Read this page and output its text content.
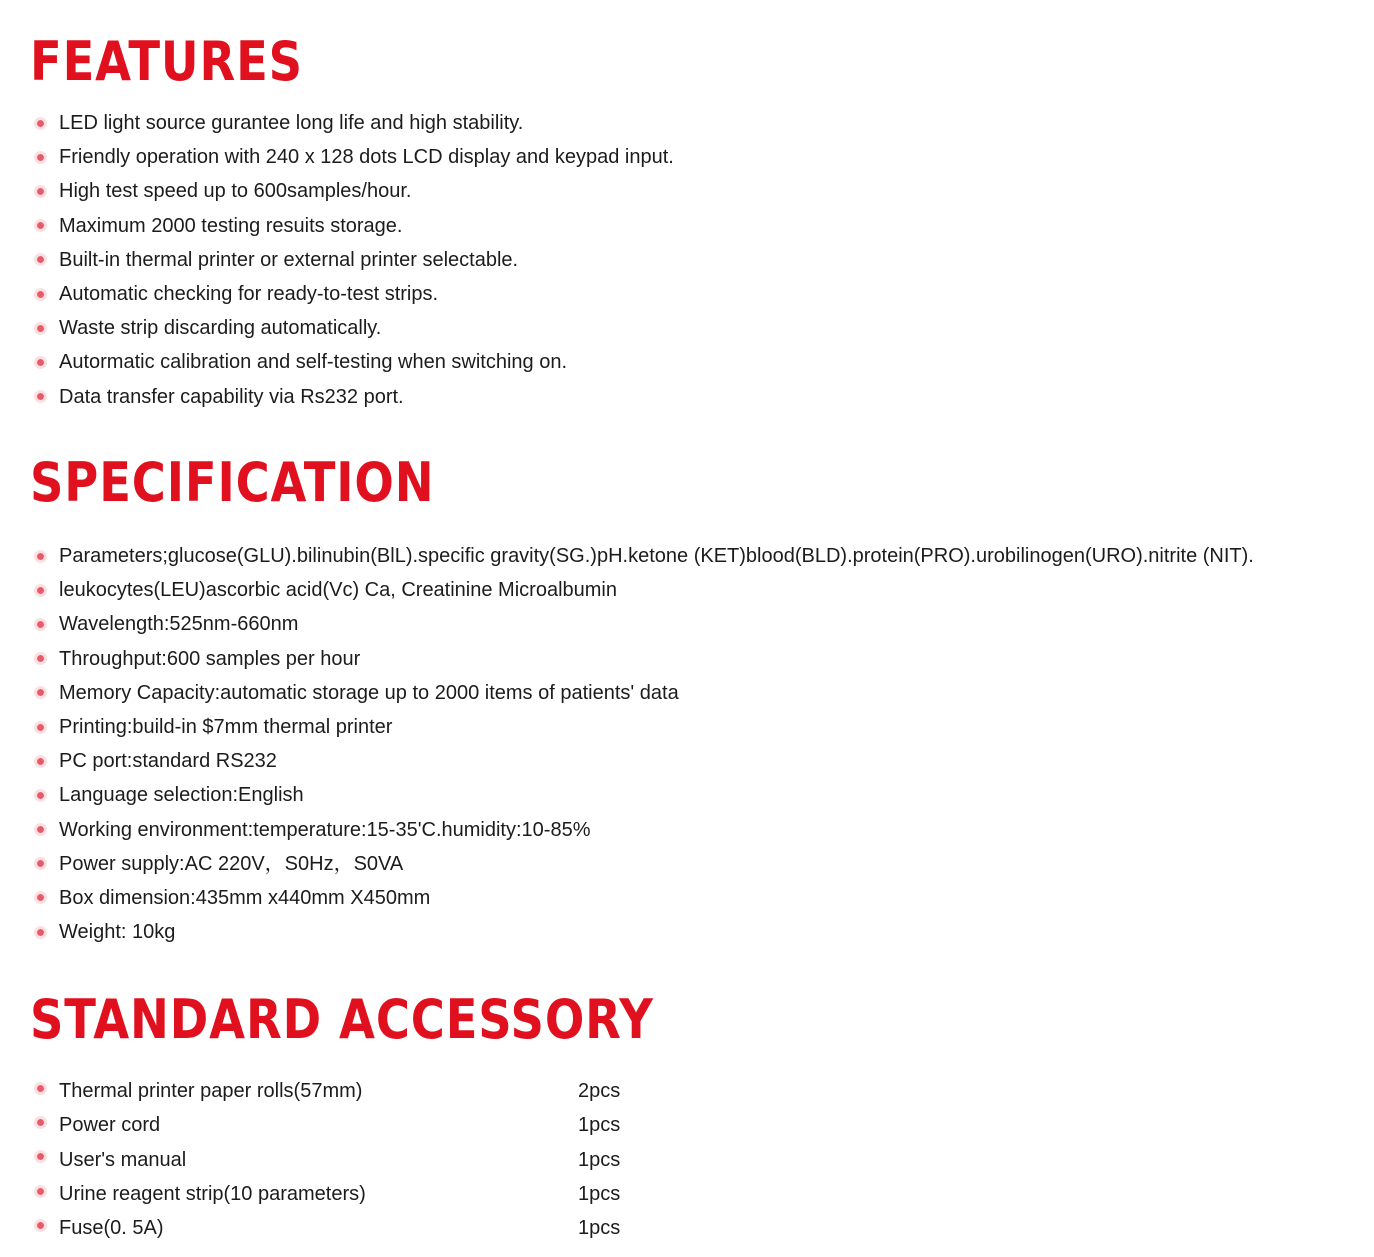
FEATURES
LED light source gurantee long life and high stability.
Friendly operation with 240 x 128 dots LCD display and keypad input.
High test speed up to 600samples/hour.
Maximum 2000 testing resuits storage.
Built-in thermal printer or external printer selectable.
Automatic checking for ready-to-test strips.
Waste strip discarding automatically.
Autormatic calibration and self-testing when switching on.
Data transfer capability via Rs232 port.
SPECIFICATION
Parameters;glucose(GLU).bilinubin(BlL).specific gravity(SG.)pH.ketone (KET)blood(BLD).protein(PRO).urobilinogen(URO).nitrite (NIT).
leukocytes(LEU)ascorbic acid(Vc) Ca, Creatinine Microalbumin
Wavelength:525nm-660nm
Throughput:600 samples per hour
Memory Capacity:automatic storage up to 2000 items of patients' data
Printing:build-in $7mm thermal printer
PC port:standard RS232
Language selection:English
Working environment:temperature:15-35'C.humidity:10-85%
Power supply:AC 220V，S0Hz，S0VA
Box dimension:435mm x440mm X450mm
Weight: 10kg
STANDARD ACCESSORY
Thermal printer paper rolls(57mm)	2pcs
Power cord	1pcs
User's manual	1pcs
Urine reagent strip(10 parameters)	1pcs
Fuse(0. 5A)	1pcs
